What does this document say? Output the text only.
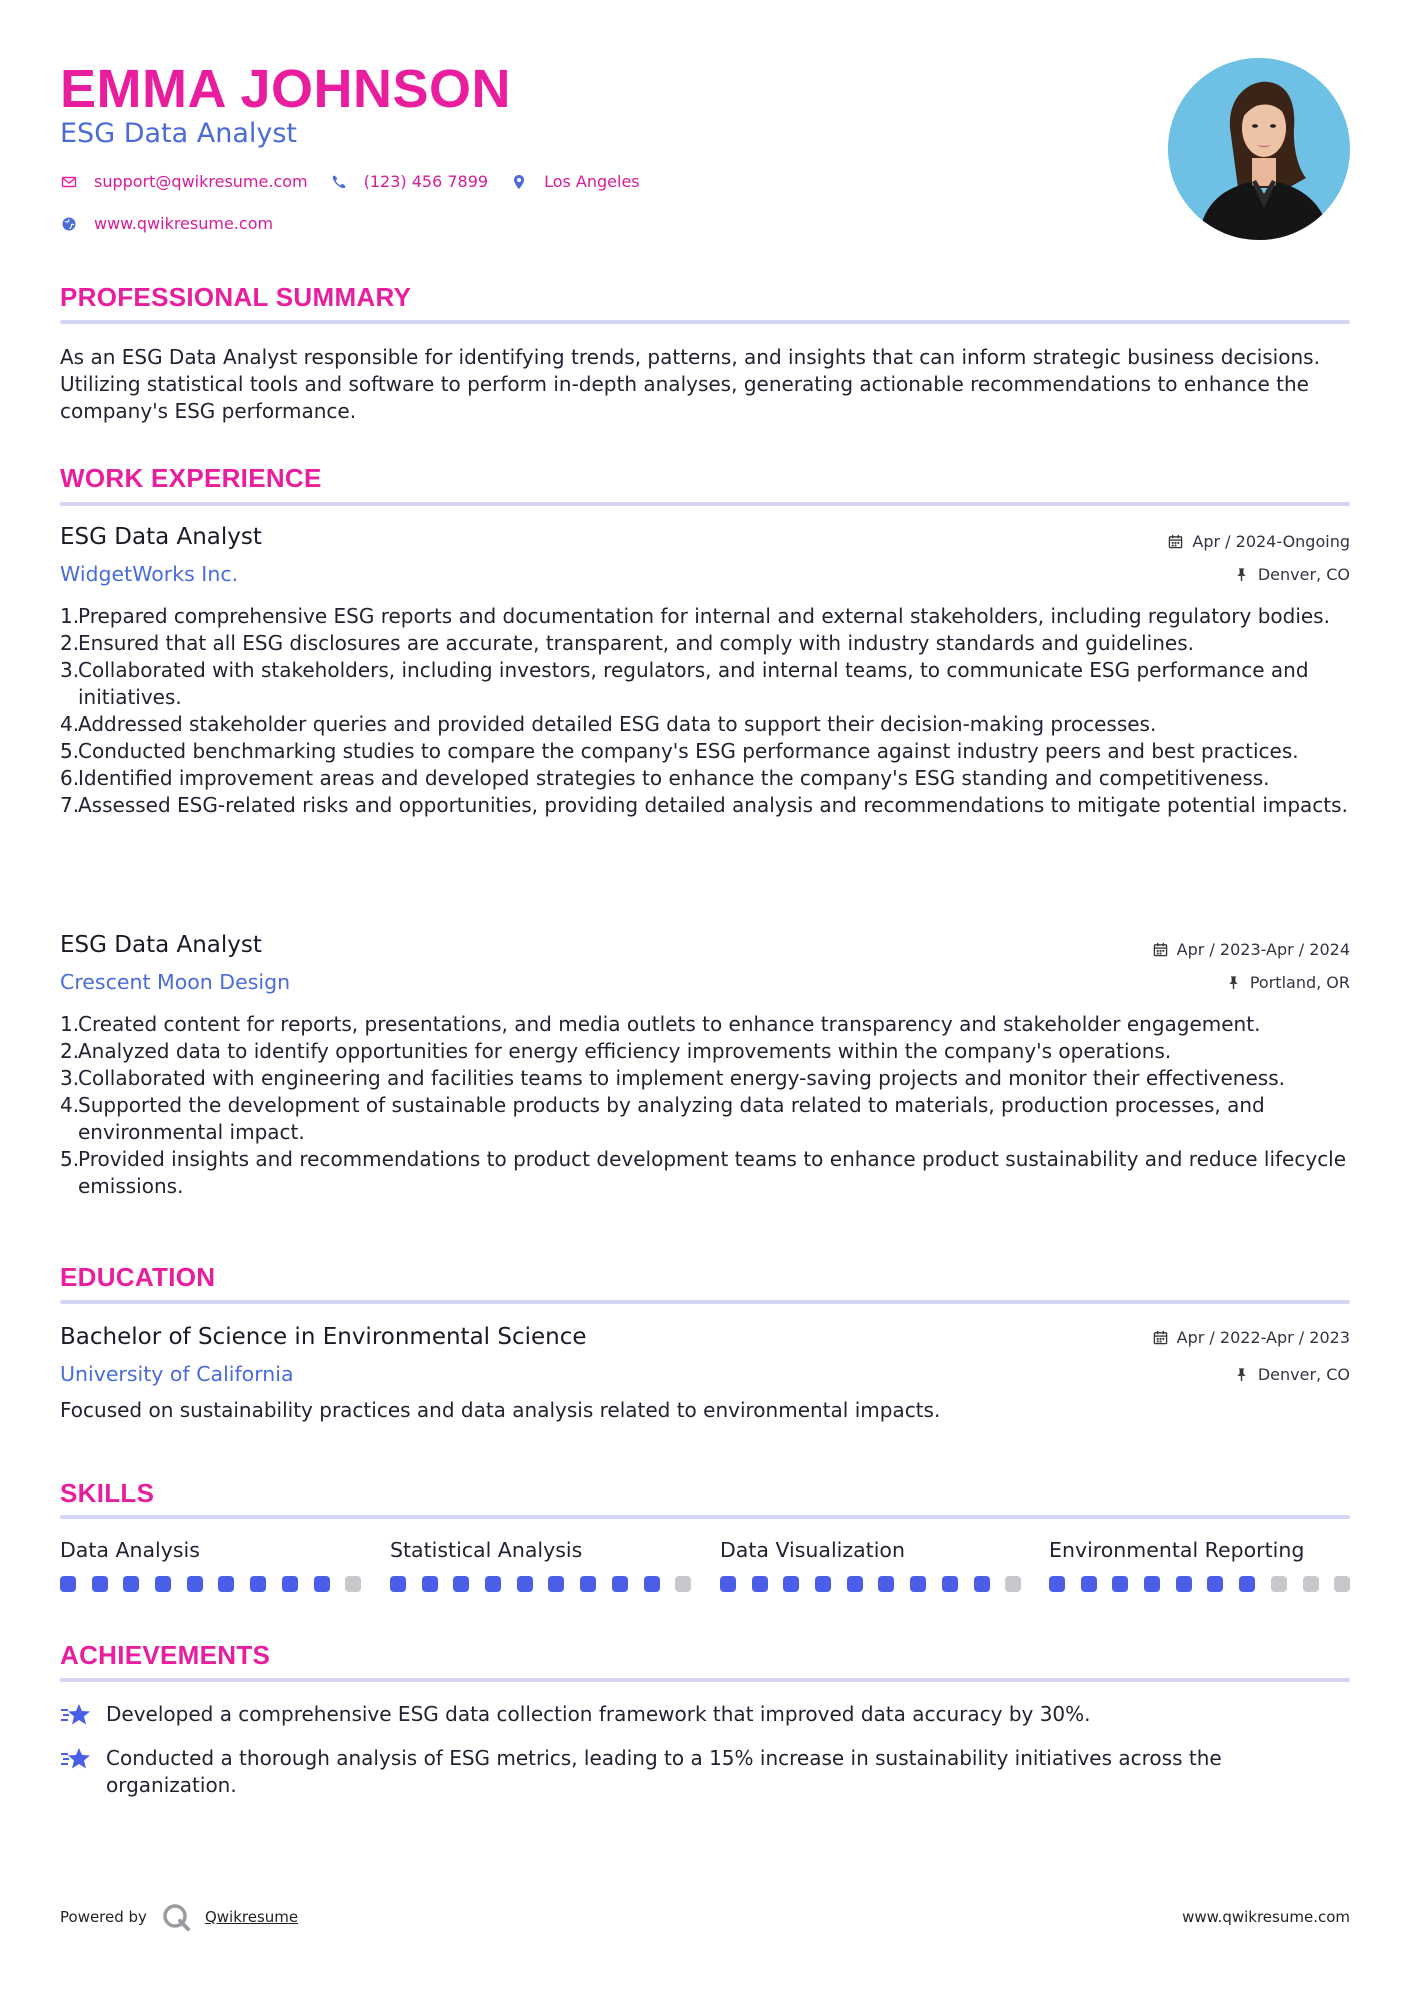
EMMA JOHNSON
ESG Data Analyst
support@qwikresume.com	(123) 456 7899	Los Angeles
www.qwikresume.com
PROFESSIONAL SUMMARY
As an ESG Data Analyst responsible for identifying trends, patterns, and insights that can inform strategic business decisions. Utilizing statistical tools and software to perform in-depth analyses, generating actionable recommendations to enhance the company's ESG performance.
WORK EXPERIENCE
ESG Data Analyst	Apr / 2024-Ongoing
WidgetWorks Inc.	Denver, CO
1.
Prepared comprehensive ESG reports and documentation for internal and external stakeholders, including regulatory bodies.
2.
Ensured that all ESG disclosures are accurate, transparent, and comply with industry standards and guidelines.
3.
Collaborated with stakeholders, including investors, regulators, and internal teams, to communicate ESG performance and initiatives.
4.
Addressed stakeholder queries and provided detailed ESG data to support their decision-making processes.
5.
Conducted benchmarking studies to compare the company's ESG performance against industry peers and best practices.
6.
Identified improvement areas and developed strategies to enhance the company's ESG standing and competitiveness.
7.
Assessed ESG-related risks and opportunities, providing detailed analysis and recommendations to mitigate potential impacts.
ESG Data Analyst	Apr / 2023-Apr / 2024
Crescent Moon Design	Portland, OR
1.
Created content for reports, presentations, and media outlets to enhance transparency and stakeholder engagement.
2.
Analyzed data to identify opportunities for energy efficiency improvements within the company's operations.
3.
Collaborated with engineering and facilities teams to implement energy-saving projects and monitor their effectiveness.
4.
Supported the development of sustainable products by analyzing data related to materials, production processes, and environmental impact.
5.
Provided insights and recommendations to product development teams to enhance product sustainability and reduce lifecycle emissions.
EDUCATION
Bachelor of Science in Environmental Science	Apr / 2022-Apr / 2023
University of California	Denver, CO
Focused on sustainability practices and data analysis related to environmental impacts.
SKILLS
Data Analysis	Statistical Analysis	Data Visualization	Environmental Reporting
ACHIEVEMENTS
Developed a comprehensive ESG data collection framework that improved data accuracy by 30%.
Conducted a thorough analysis of ESG metrics, leading to a 15% increase in sustainability initiatives across the organization.
Powered by	Qwikresume	www.qwikresume.com
